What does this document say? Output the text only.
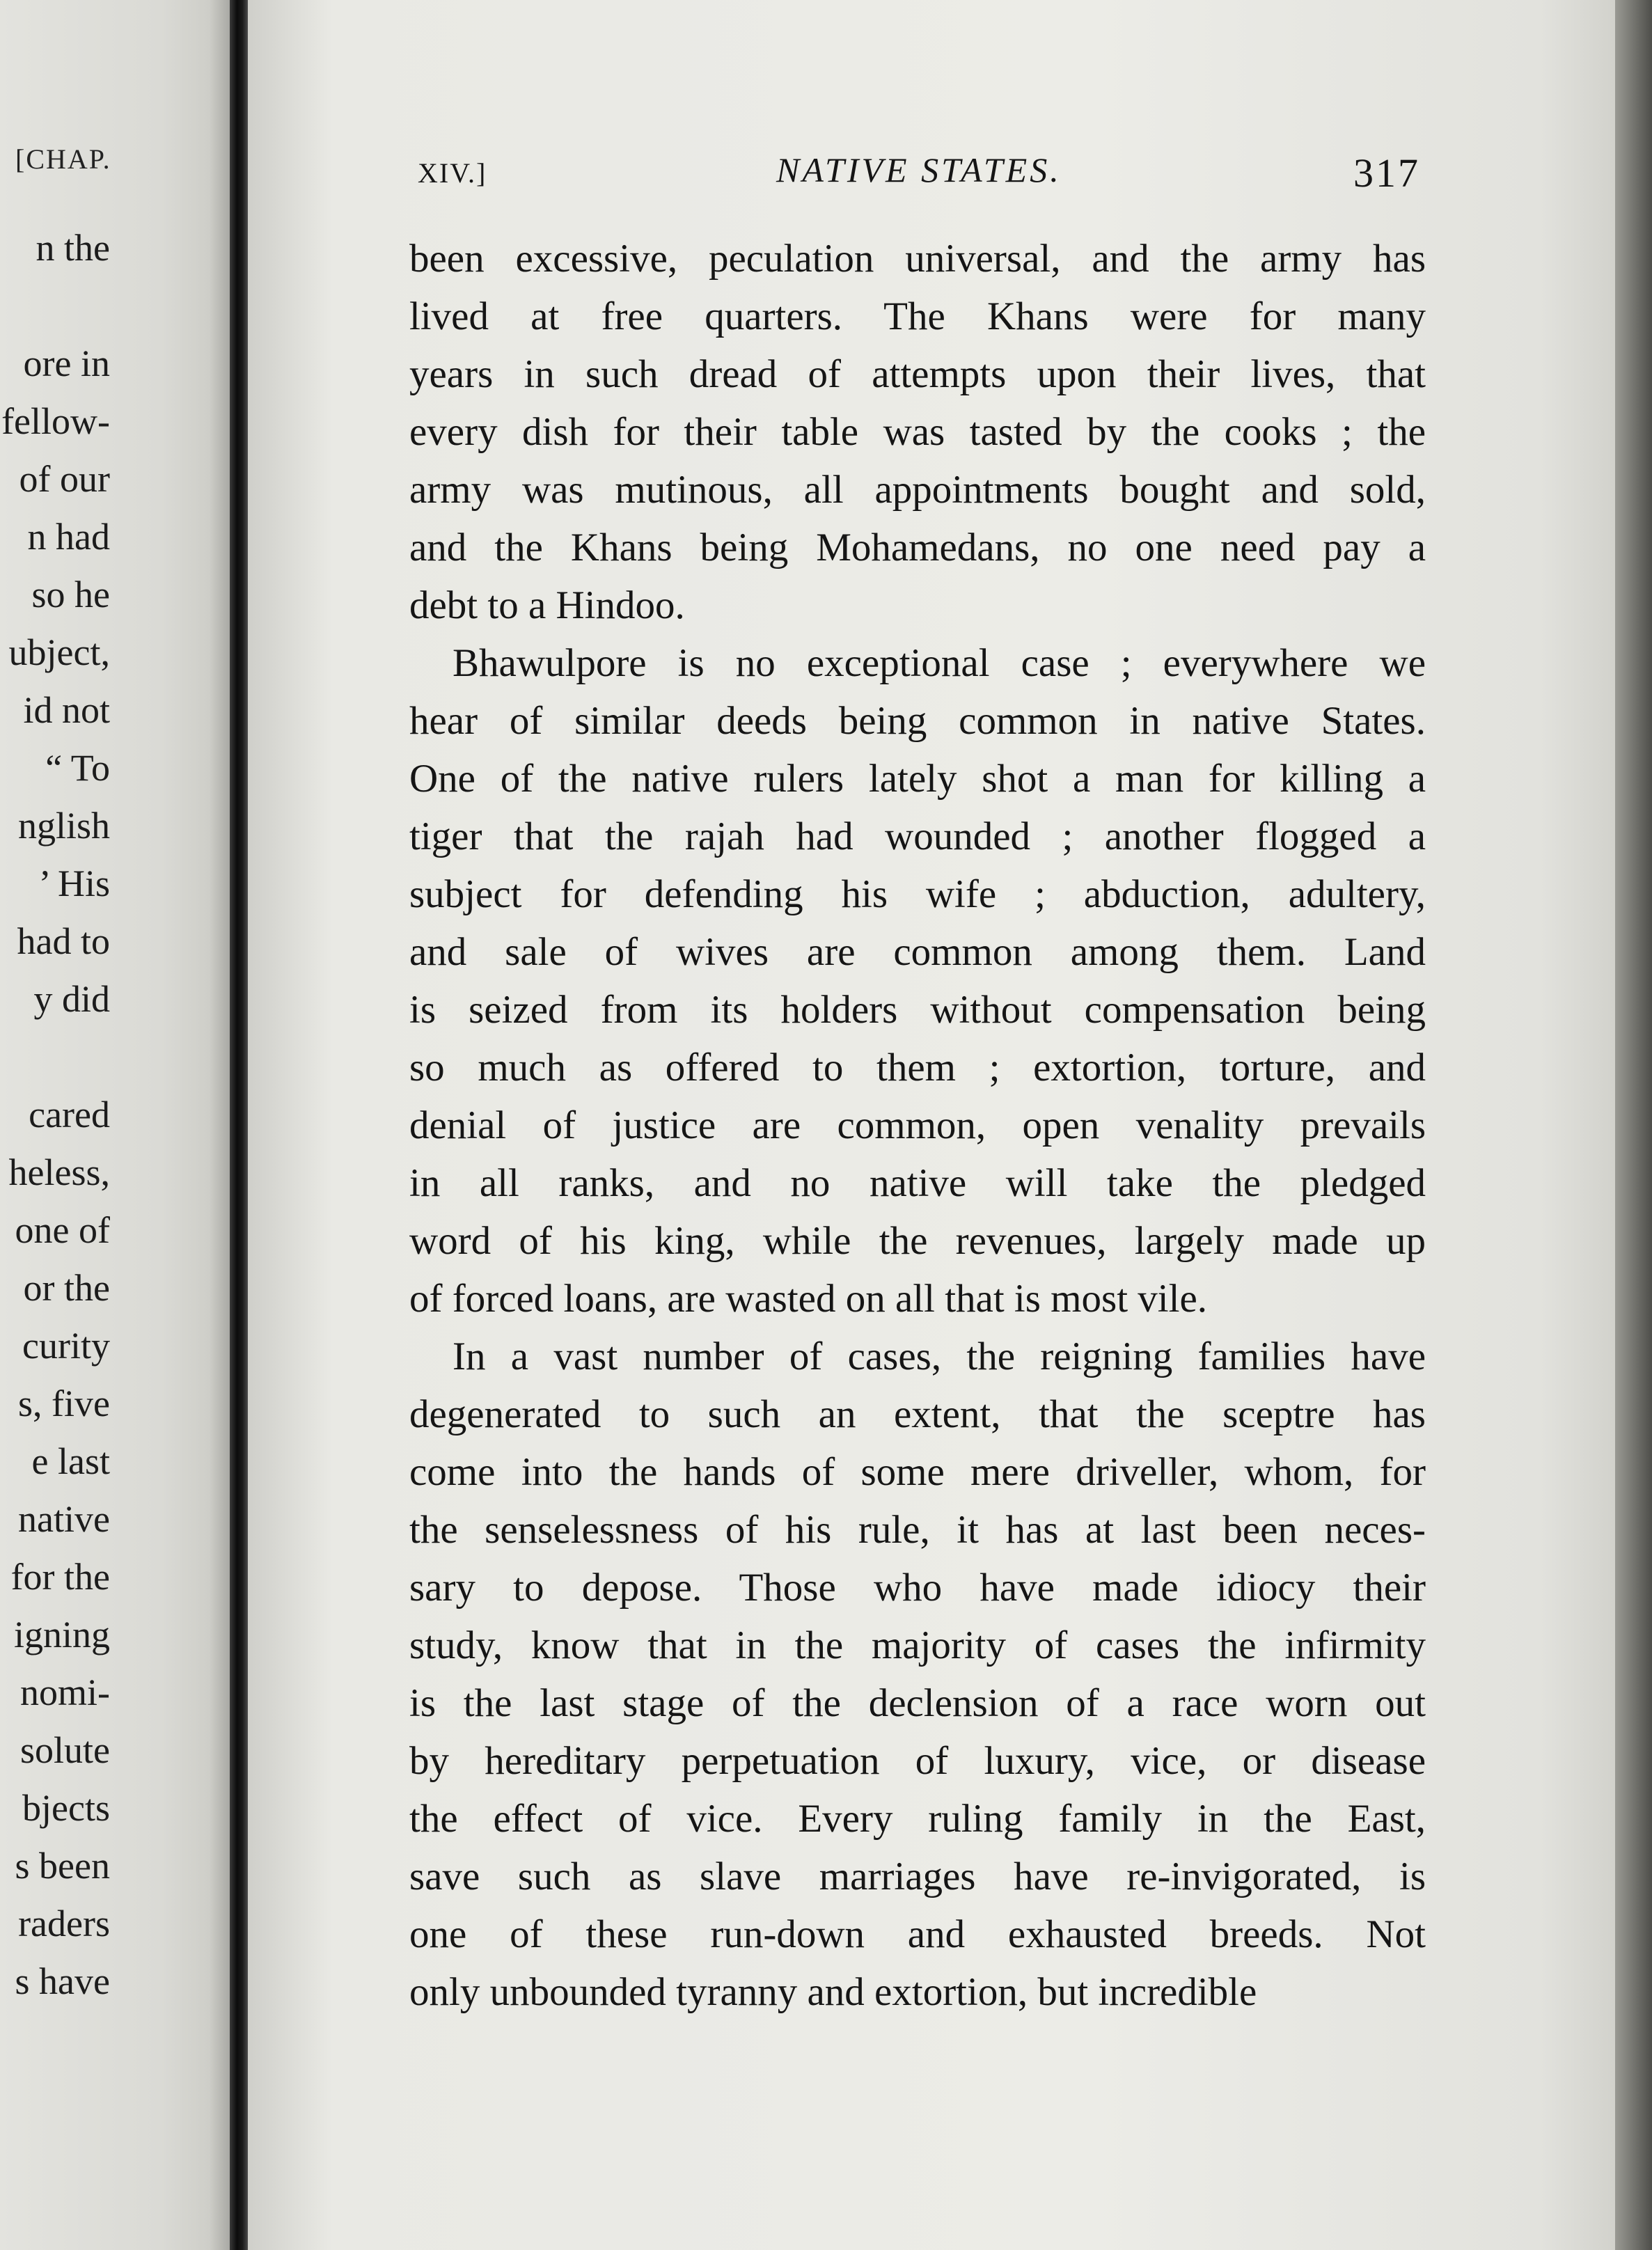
[CHAP.
n the
ore in
fellow-
of our
n had
so he
ubject,
id not
“ To
nglish
’ His
had to
y did
cared
heless,
one of
or the
curity
s, five
e last
native
for the
igning
nomi-
solute
bjects
s been
raders
s have
XIV.]	NATIVE STATES.	317
been excessive, peculation universal, and the army has
lived at free quarters. The Khans were for many
years in such dread of attempts upon their lives, that
every dish for their table was tasted by the cooks ; the
army was mutinous, all appointments bought and sold,
and the Khans being Mohamedans, no one need pay a
debt to a Hindoo.
Bhawulpore is no exceptional case ; everywhere we
hear of similar deeds being common in native States.
One of the native rulers lately shot a man for killing a
tiger that the rajah had wounded ; another flogged a
subject for defending his wife ; abduction, adultery,
and sale of wives are common among them. Land
is seized from its holders without compensation being
so much as offered to them ; extortion, torture, and
denial of justice are common, open venality prevails
in all ranks, and no native will take the pledged
word of his king, while the revenues, largely made up
of forced loans, are wasted on all that is most vile.
In a vast number of cases, the reigning families have
degenerated to such an extent, that the sceptre has
come into the hands of some mere driveller, whom, for
the senselessness of his rule, it has at last been neces-
sary to depose. Those who have made idiocy their
study, know that in the majority of cases the infirmity
is the last stage of the declension of a race worn out
by hereditary perpetuation of luxury, vice, or disease
the effect of vice. Every ruling family in the East,
save such as slave marriages have re-invigorated, is
one of these run-down and exhausted breeds. Not
only unbounded tyranny and extortion, but incredible
